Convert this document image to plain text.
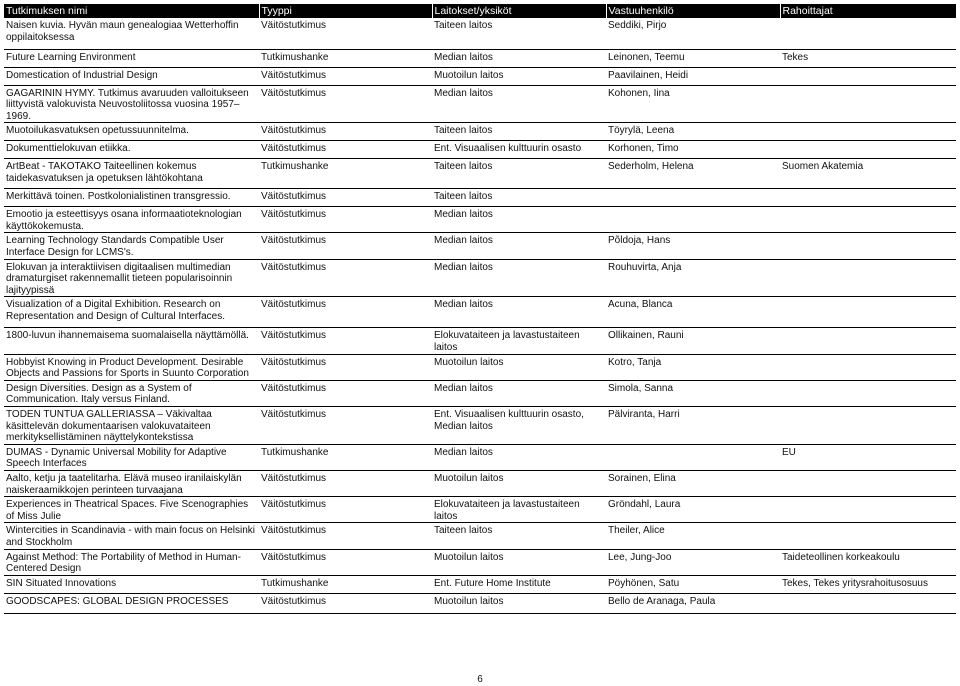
Tutkimuksen nimi	Tyyppi	Laitokset/yksiköt	Vastuuhenkilö	Rahoittajat
Naisen kuvia. Hyvän maun genealogiaa Wetterhoffin oppilaitoksessa	Väitöstutkimus	Taiteen laitos	Seddiki, Pirjo	
Future Learning Environment	Tutkimushanke	Median laitos	Leinonen, Teemu	Tekes
Domestication of Industrial Design	Väitöstutkimus	Muotoilun laitos	Paavilainen, Heidi	
GAGARININ HYMY. Tutkimus avaruuden valloitukseen liittyvistä valokuvista Neuvostoliitossa vuosina 1957–1969.	Väitöstutkimus	Median laitos	Kohonen, Iina	
Muotoilukasvatuksen opetussuunnitelma.	Väitöstutkimus	Taiteen laitos	Töyrylä, Leena	
Dokumenttielokuvan etiikka.	Väitöstutkimus	Ent. Visuaalisen kulttuurin osasto	Korhonen, Timo	
ArtBeat - TAKOTAKO Taiteellinen kokemus taidekasvatuksen ja opetuksen lähtökohtana	Tutkimushanke	Taiteen laitos	Sederholm, Helena	Suomen Akatemia
Merkittävä toinen. Postkolonialistinen transgressio.	Väitöstutkimus	Taiteen laitos		
Emootio ja esteettisyys osana informaatioteknologian käyttökokemusta.	Väitöstutkimus	Median laitos		
Learning Technology Standards Compatible User Interface Design for LCMS's.	Väitöstutkimus	Median laitos	Põldoja, Hans	
Elokuvan ja interaktiivisen digitaalisen multimedian dramaturgiset rakennemallit tieteen popularisoinnin lajityypissä	Väitöstutkimus	Median laitos	Rouhuvirta, Anja	
Visualization of a Digital Exhibition. Research on Representation and Design of Cultural Interfaces.	Väitöstutkimus	Median laitos	Acuna, Blanca	
1800-luvun ihannemaisema suomalaisella näyttämöllä.	Väitöstutkimus	Elokuvataiteen ja lavastustaiteen laitos	Ollikainen, Rauni	
Hobbyist Knowing in Product Development. Desirable Objects and Passions for Sports in Suunto Corporation	Väitöstutkimus	Muotoilun laitos	Kotro, Tanja	
Design Diversities. Design as a System of Communication. Italy versus Finland.	Väitöstutkimus	Median laitos	Simola, Sanna	
TODEN TUNTUA GALLERIASSA – Väkivaltaa käsittelevän dokumentaarisen valokuvataiteen merkityksellistäminen näyttelykontekstissa	Väitöstutkimus	Ent. Visuaalisen kulttuurin osasto, Median laitos	Pälviranta, Harri	
DUMAS - Dynamic Universal Mobility for Adaptive Speech Interfaces	Tutkimushanke	Median laitos		EU
Aalto, ketju ja taatelitarha. Elävä museo iranilaiskylän naiskeraamikkojen perinteen turvaajana	Väitöstutkimus	Muotoilun laitos	Sorainen, Elina	
Experiences in Theatrical Spaces. Five Scenographies of Miss Julie	Väitöstutkimus	Elokuvataiteen ja lavastustaiteen laitos	Gröndahl, Laura	
Wintercities in Scandinavia - with main focus on Helsinki and Stockholm	Väitöstutkimus	Taiteen laitos	Theiler, Alice	
Against Method: The Portability of Method in Human-Centered Design	Väitöstutkimus	Muotoilun laitos	Lee, Jung-Joo	Taideteollinen korkeakoulu
SIN Situated Innovations	Tutkimushanke	Ent. Future Home Institute	Pöyhönen, Satu	Tekes, Tekes yritysrahoitusosuus
GOODSCAPES: GLOBAL DESIGN PROCESSES	Väitöstutkimus	Muotoilun laitos	Bello de Aranaga, Paula	
6
